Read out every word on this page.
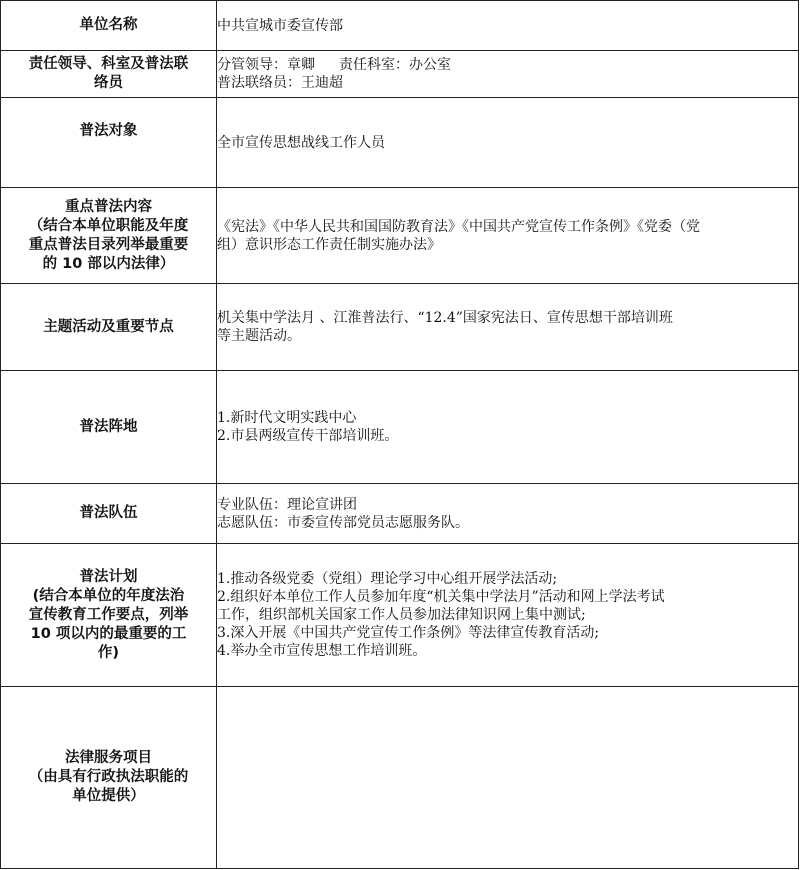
单位名称	中共宣城市委宣传部

责任领导、科室及普法联
络员	分管领导：章卿 责任科室：办公室
普法联络员：王迪超

普法对象	全市宣传思想战线工作人员

重点普法内容
（结合本单位职能及年度
重点普法目录列举最重要
的 10 部以内法律）	《宪法》《中华人民共和国国防教育法》《中国共产党宣传工作条例》《党委（党
组）意识形态工作责任制实施办法》

主题活动及重要节点	机关集中学法月 、江淮普法行、“12.4”国家宪法日、宣传思想干部培训班
等主题活动。

普法阵地	1.新时代文明实践中心
2.市县两级宣传干部培训班。

普法队伍	专业队伍：理论宣讲团
志愿队伍：市委宣传部党员志愿服务队。

普法计划
(结合本单位的年度法治
宣传教育工作要点，列举
10 项以内的最重要的工
作)	1.推动各级党委（党组）理论学习中心组开展学法活动;
2.组织好本单位工作人员参加年度“机关集中学法月”活动和网上学法考试
工作，组织部机关国家工作人员参加法律知识网上集中测试;
3.深入开展《中国共产党宣传工作条例》等法律宣传教育活动;
4.举办全市宣传思想工作培训班。

法律服务项目
（由具有行政执法职能的
单位提供）	
